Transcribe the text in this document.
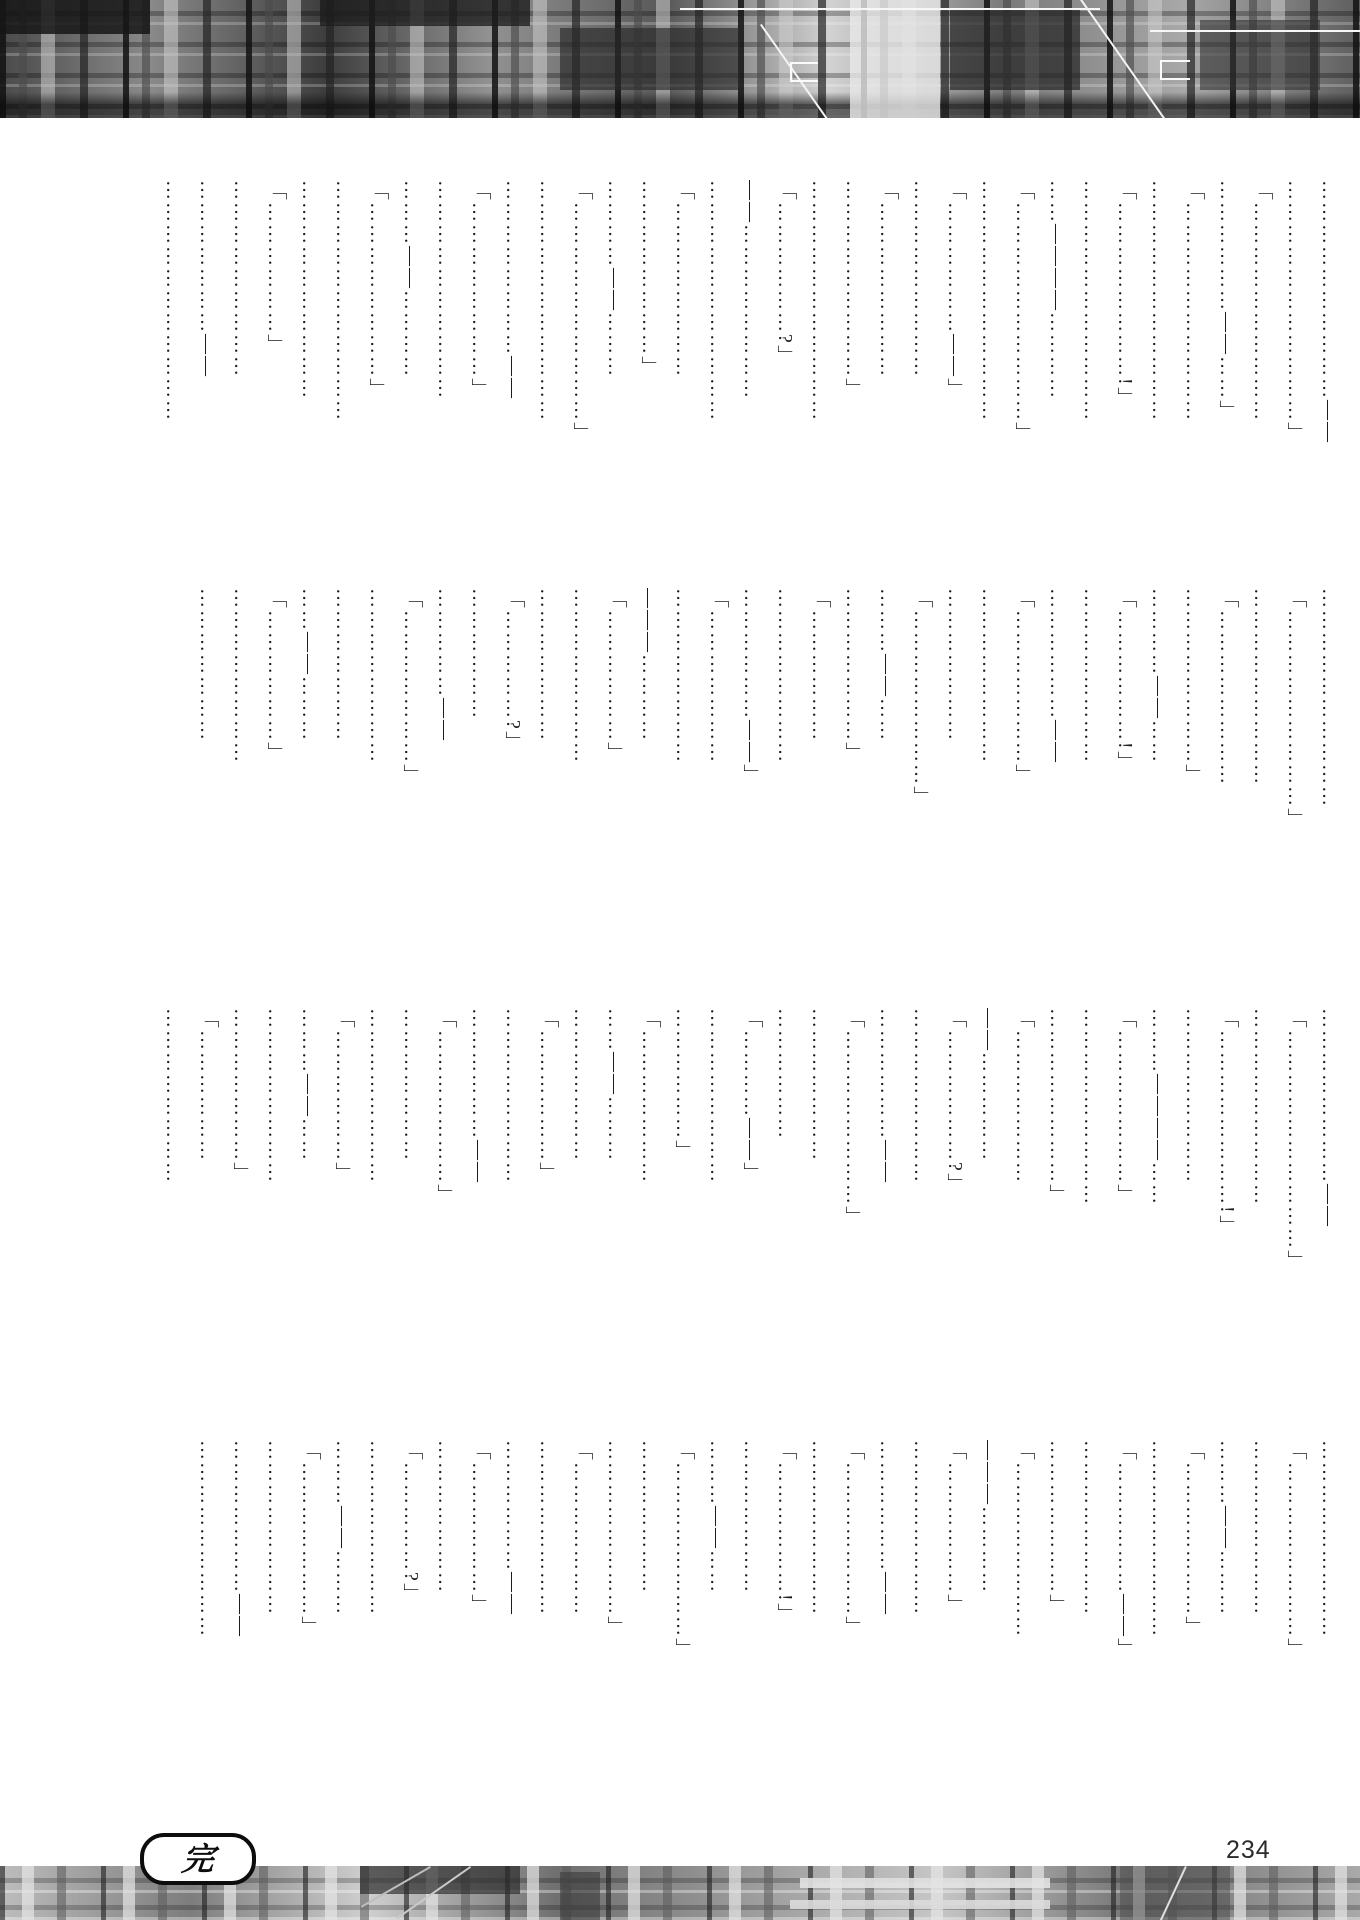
…………………………――

……………………………」

「…………………………

………………――……」

「…………………………

……………………………

「……………………!」

……………………………

……――――…………

「…………………………」

……………………………

「………………――」

………………………

「……………………

………………………」

……………………………

「………………?」

――……………………

……………………………

「……………………

……………………」

…………――………

「…………………………」

……………………………

……………………――

「……………………」

…………………………

………――…………

「……………………」

……………………………

…………………………

「………………」

………………………

…………………――

……………………………

…………………………

「………………………」

………………………

「……………………

……………………」

…………――……

「………………!」

……………………

………………――

「…………………」

……………………

…………………

「……………………」

………――……

…………………」

「………………

……………………

………………――」

「…………………

……………………

―――…………

「………………」

……………………

…………………

「……………?」

………………

……………――

「…………………」

……………………

…………………

……――………

「………………」

……………………

…………………

……………………――

「…………………………」

………………………

「……………………!」

……………………

………――――……

「…………………」

………………………

……………………」

「…………………

――……………

「………………?」

……………………

………………――

「……………………」

…………………

………………

「…………――」

……………………

………………」

「…………………

……――………

…………………

「………………」

……………………

………………――

「…………………」

…………………

……………………

「………………」

………――……

……………………

…………………」

「………………

……………………

………………………

「……………………」

……………………

………――………

「…………………」

………………………

「………………――」

……………………

…………………」

「……………………

―――…………

「………………」

……………………

………………――

「…………………」

……………………

「………………!」

…………………

………――……

「……………………」

…………………

……………………」

「…………………

……………………

………………――

「………………」

…………………

「……………?」

……………………

………――………

「…………………」

……………………

…………………――

………………………

完	234
